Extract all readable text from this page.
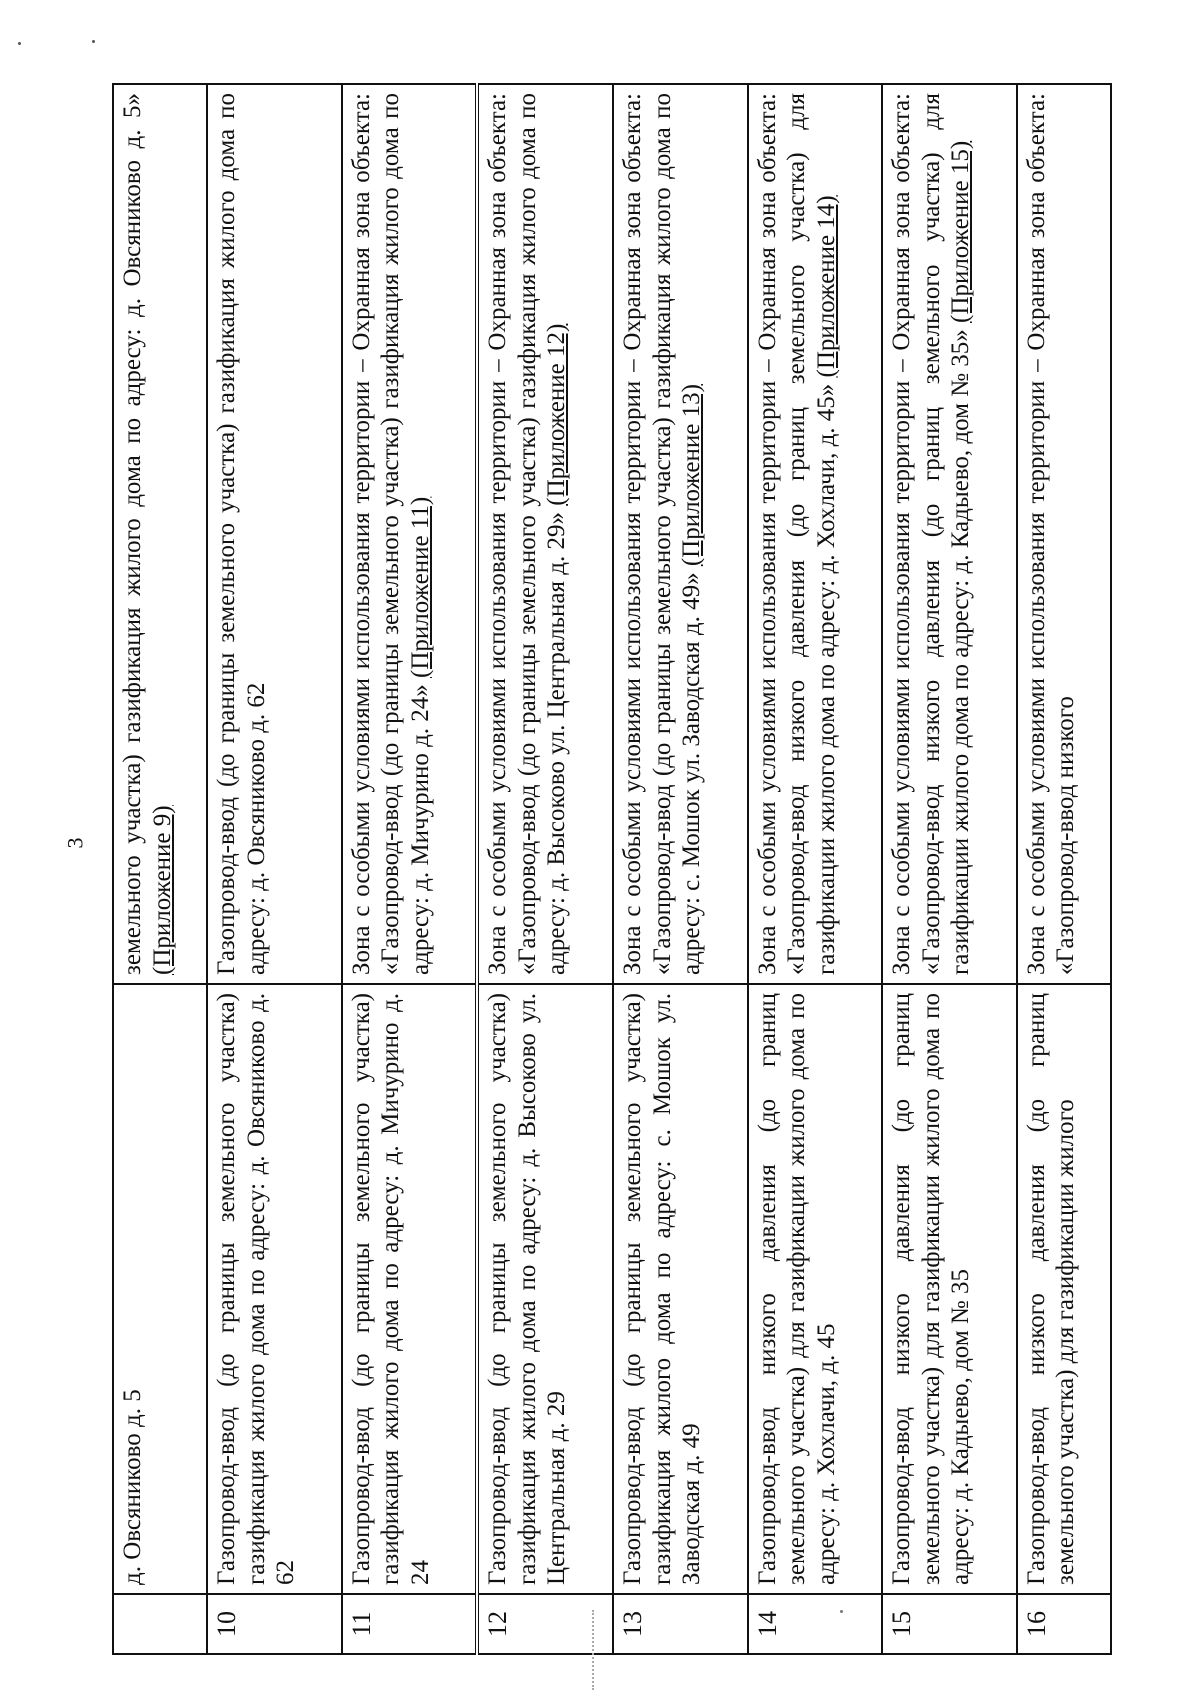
3
	д. Овсяниково д. 5	земельного участка) газификация жилого дома по адресу: д. Овсяниково д. 5» (Приложение 9)
10	Газопровод-ввод (до границы земельного участка) газификация жилого дома по адресу: д. Овсяниково д. 62	Газопровод-ввод (до границы земельного участка) газификация жилого дома по адресу: д. Овсяниково д. 62
11	Газопровод-ввод (до границы земельного участка) газификация жилого дома по адресу: д. Мичурино д. 24	Зона с особыми условиями использования территории – Охранная зона объекта: «Газопровод-ввод (до границы земельного участка) газификация жилого дома по адресу: д. Мичурино д. 24» (Приложение 11)
12	Газопровод-ввод (до границы земельного участка) газификация жилого дома по адресу: д. Высоково ул. Центральная д. 29	Зона с особыми условиями использования территории – Охранная зона объекта: «Газопровод-ввод (до границы земельного участка) газификация жилого дома по адресу: д. Высоково ул. Центральная д. 29» (Приложение 12)
13	Газопровод-ввод (до границы земельного участка) газификация жилого дома по адресу: с. Мошок ул. Заводская д. 49	Зона с особыми условиями использования территории – Охранная зона объекта: «Газопровод-ввод (до границы земельного участка) газификация жилого дома по адресу: с. Мошок ул. Заводская д. 49» (Приложение 13)
14	Газопровод-ввод низкого давления (до границ земельного участка) для газификации жилого дома по адресу: д. Хохлачи, д. 45	Зона с особыми условиями использования территории – Охранная зона объекта: «Газопровод-ввод низкого давления (до границ земельного участка) для газификации жилого дома по адресу: д. Хохлачи, д. 45» (Приложение 14)
15	Газопровод-ввод низкого давления (до границ земельного участка) для газификации жилого дома по адресу: д. Кадыево, дом № 35	Зона с особыми условиями использования территории – Охранная зона объекта: «Газопровод-ввод низкого давления (до границ земельного участка) для газификации жилого дома по адресу: д. Кадыево, дом № 35» (Приложение 15)
16	Газопровод-ввод низкого давления (до границ земельного участка) для газификации жилого	Зона с особыми условиями использования территории – Охранная зона объекта: «Газопровод-ввод низкого
